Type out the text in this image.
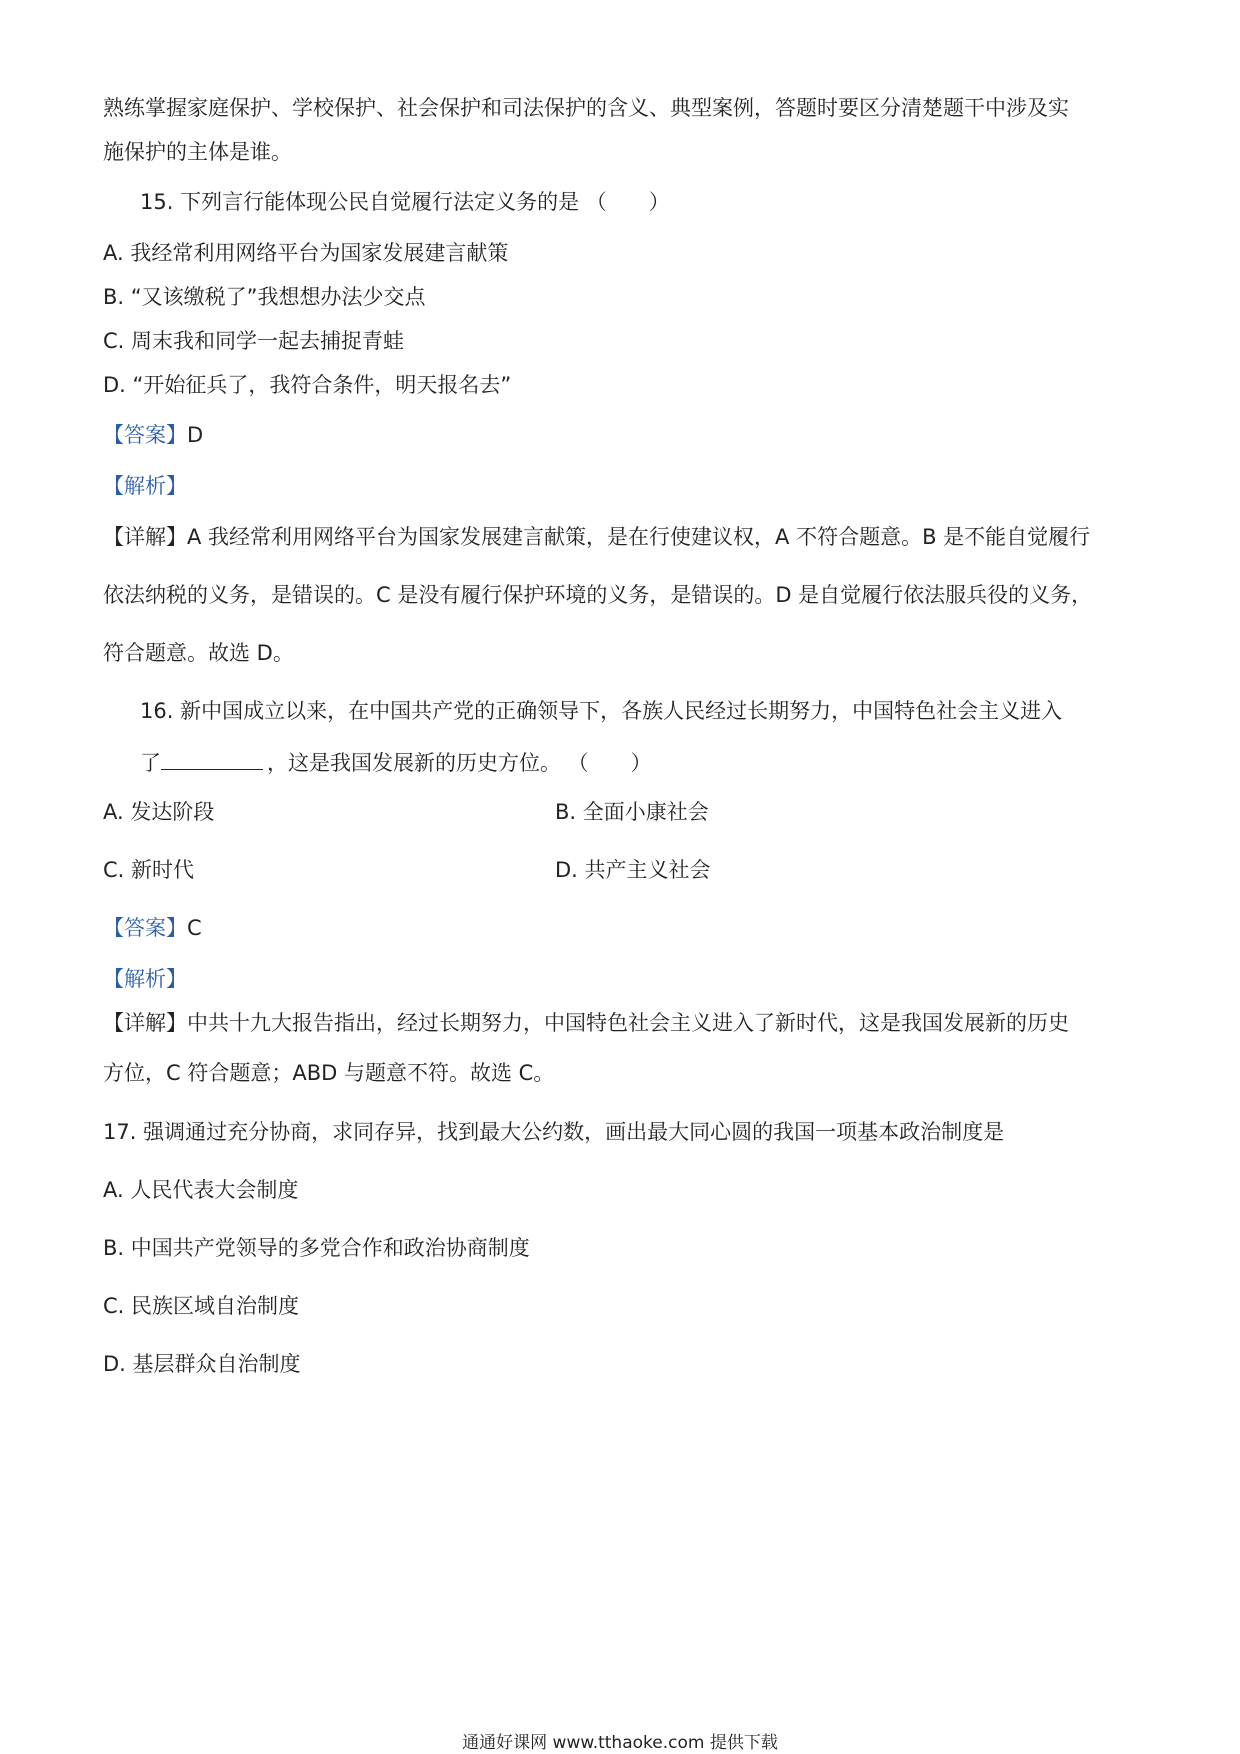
熟练掌握家庭保护、学校保护、社会保护和司法保护的含义、典型案例，答题时要区分清楚题干中涉及实
施保护的主体是谁。
15. 下列言行能体现公民自觉履行法定义务的是 （　　）
A. 我经常利用网络平台为国家发展建言献策
B. “又该缴税了”我想想办法少交点
C. 周末我和同学一起去捕捉青蛙
D. “开始征兵了，我符合条件，明天报名去”
【答案】D
【解析】
【详解】A 我经常利用网络平台为国家发展建言献策，是在行使建议权，A 不符合题意。B 是不能自觉履行
依法纳税的义务，是错误的。C 是没有履行保护环境的义务，是错误的。D 是自觉履行依法服兵役的义务，
符合题意。故选 D。
16. 新中国成立以来，在中国共产党的正确领导下，各族人民经过长期努力，中国特色社会主义进入
了	，这是我国发展新的历史方位。 （　　）
A. 发达阶段	B. 全面小康社会
C. 新时代	D. 共产主义社会
【答案】C
【解析】
【详解】中共十九大报告指出，经过长期努力，中国特色社会主义进入了新时代，这是我国发展新的历史
方位，C 符合题意；ABD 与题意不符。故选 C。
17. 强调通过充分协商，求同存异，找到最大公约数，画出最大同心圆的我国一项基本政治制度是
A. 人民代表大会制度
B. 中国共产党领导的多党合作和政治协商制度
C. 民族区域自治制度
D. 基层群众自治制度
通通好课网 www.tthaoke.com 提供下载
